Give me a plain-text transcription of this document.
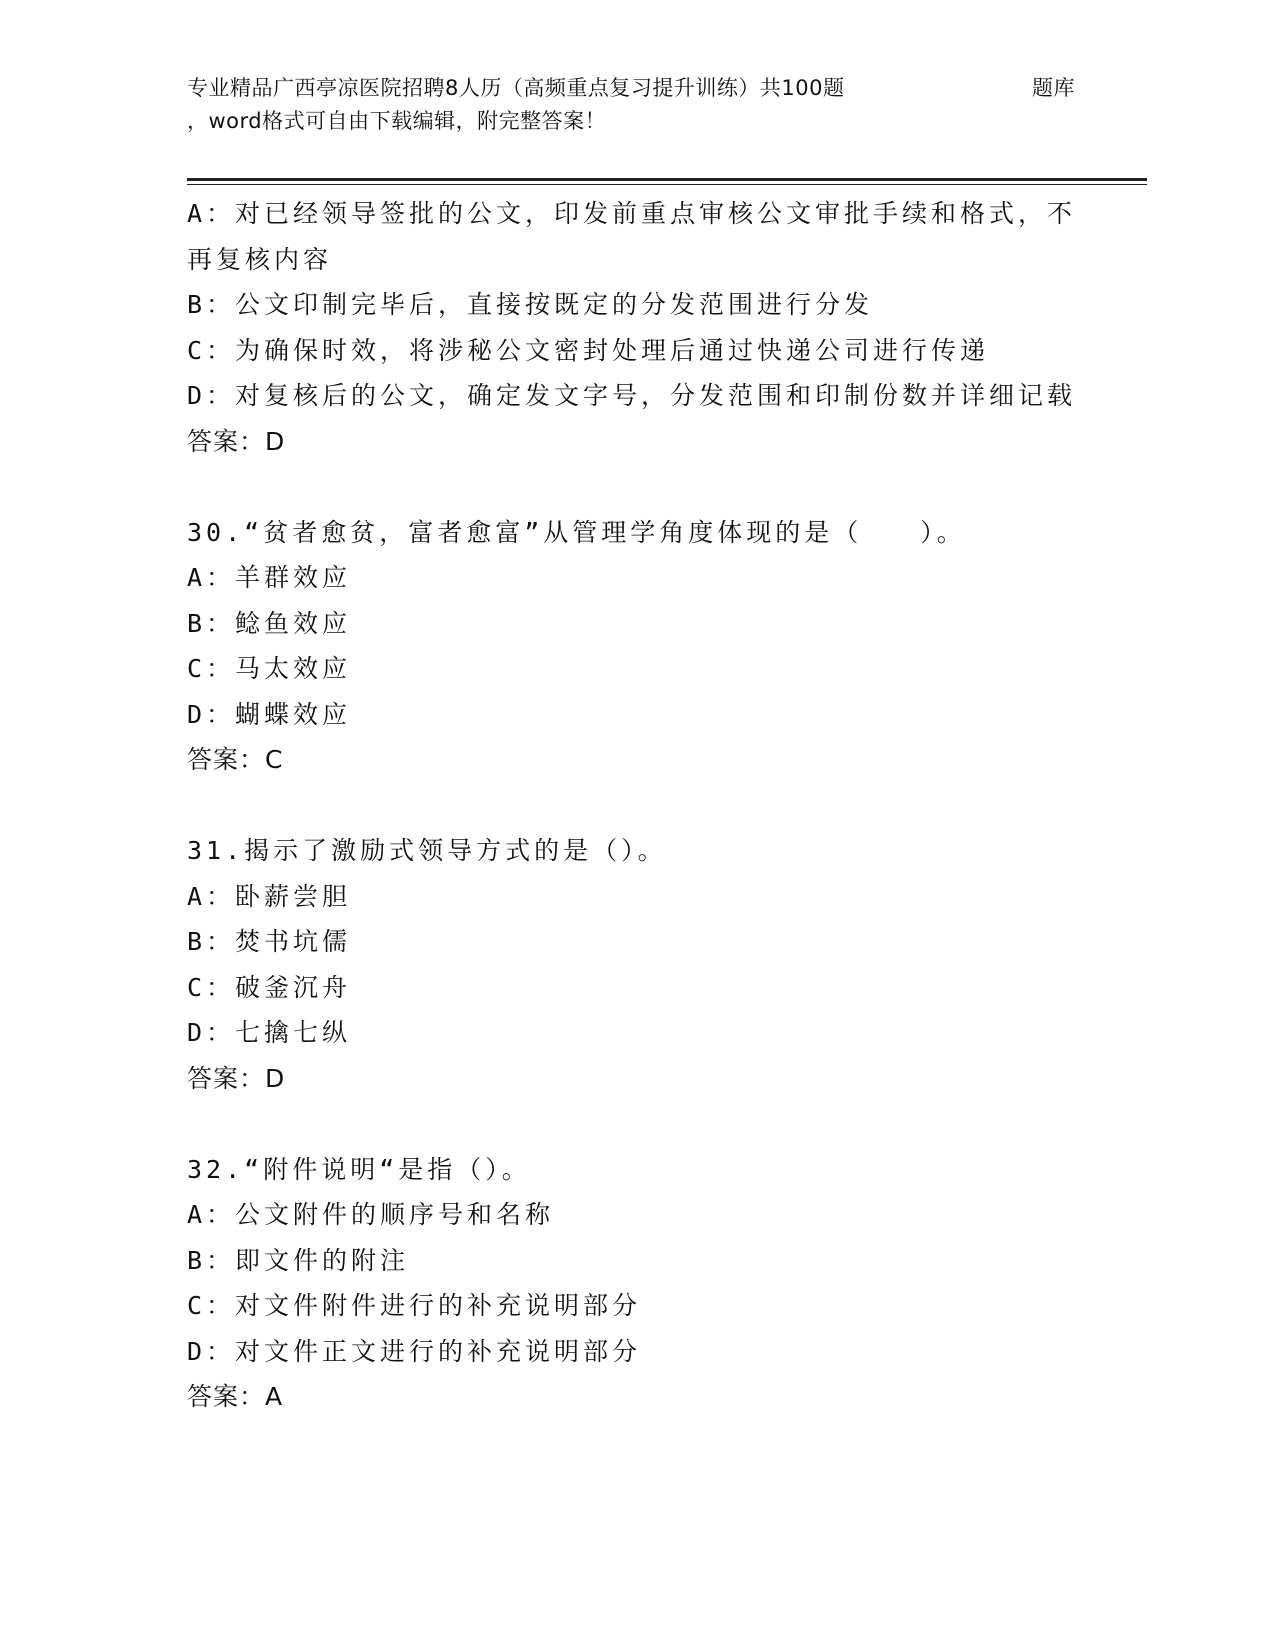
专业精品广西亭凉医院招聘8人历（高频重点复习提升训练）共100题	题库
，word格式可自由下载编辑，附完整答案！

A：对已经领导签批的公文，印发前重点审核公文审批手续和格式，不

再复核内容

B：公文印制完毕后，直接按既定的分发范围进行分发

C：为确保时效，将涉秘公文密封处理后通过快递公司进行传递

D：对复核后的公文，确定发文字号，分发范围和印制份数并详细记载

答案：D

30.“贫者愈贫，富者愈富”从管理学角度体现的是（　　）。

A：羊群效应

B：鲶鱼效应

C：马太效应

D：蝴蝶效应

答案：C

31.揭示了激励式领导方式的是（）。

A：卧薪尝胆

B：焚书坑儒

C：破釜沉舟

D：七擒七纵

答案：D

32.“附件说明“是指（）。

A：公文附件的顺序号和名称

B：即文件的附注

C：对文件附件进行的补充说明部分

D：对文件正文进行的补充说明部分

答案：A
